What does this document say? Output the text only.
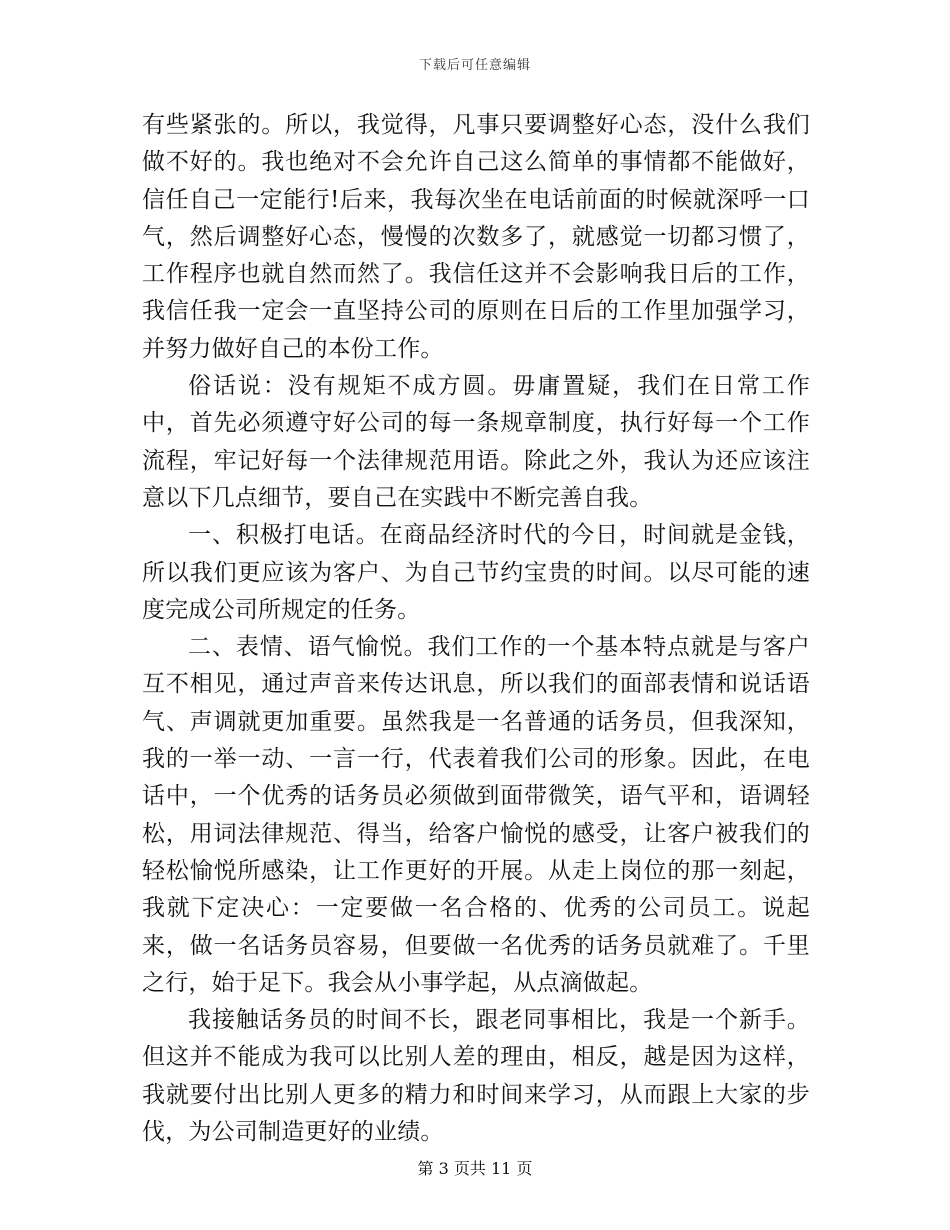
下载后可任意编辑

有些紧张的。所以，我觉得，凡事只要调整好心态，没什么我们做不好的。我也绝对不会允许自己这么简单的事情都不能做好，信任自己一定能行!后来，我每次坐在电话前面的时候就深呼一口气，然后调整好心态，慢慢的次数多了，就感觉一切都习惯了，工作程序也就自然而然了。我信任这并不会影响我日后的工作，我信任我一定会一直坚持公司的原则在日后的工作里加强学习，并努力做好自己的本份工作。

俗话说：没有规矩不成方圆。毋庸置疑，我们在日常工作中，首先必须遵守好公司的每一条规章制度，执行好每一个工作流程，牢记好每一个法律规范用语。除此之外，我认为还应该注意以下几点细节，要自己在实践中不断完善自我。

一、积极打电话。在商品经济时代的今日，时间就是金钱，所以我们更应该为客户、为自己节约宝贵的时间。以尽可能的速度完成公司所规定的任务。

二、表情、语气愉悦。我们工作的一个基本特点就是与客户互不相见，通过声音来传达讯息，所以我们的面部表情和说话语气、声调就更加重要。虽然我是一名普通的话务员，但我深知，我的一举一动、一言一行，代表着我们公司的形象。因此，在电话中，一个优秀的话务员必须做到面带微笑，语气平和，语调轻松，用词法律规范、得当，给客户愉悦的感受，让客户被我们的轻松愉悦所感染，让工作更好的开展。从走上岗位的那一刻起，我就下定决心：一定要做一名合格的、优秀的公司员工。说起来，做一名话务员容易，但要做一名优秀的话务员就难了。千里之行，始于足下。我会从小事学起，从点滴做起。

我接触话务员的时间不长，跟老同事相比，我是一个新手。但这并不能成为我可以比别人差的理由，相反，越是因为这样，我就要付出比别人更多的精力和时间来学习，从而跟上大家的步伐，为公司制造更好的业绩。

第 3 页共 11 页
